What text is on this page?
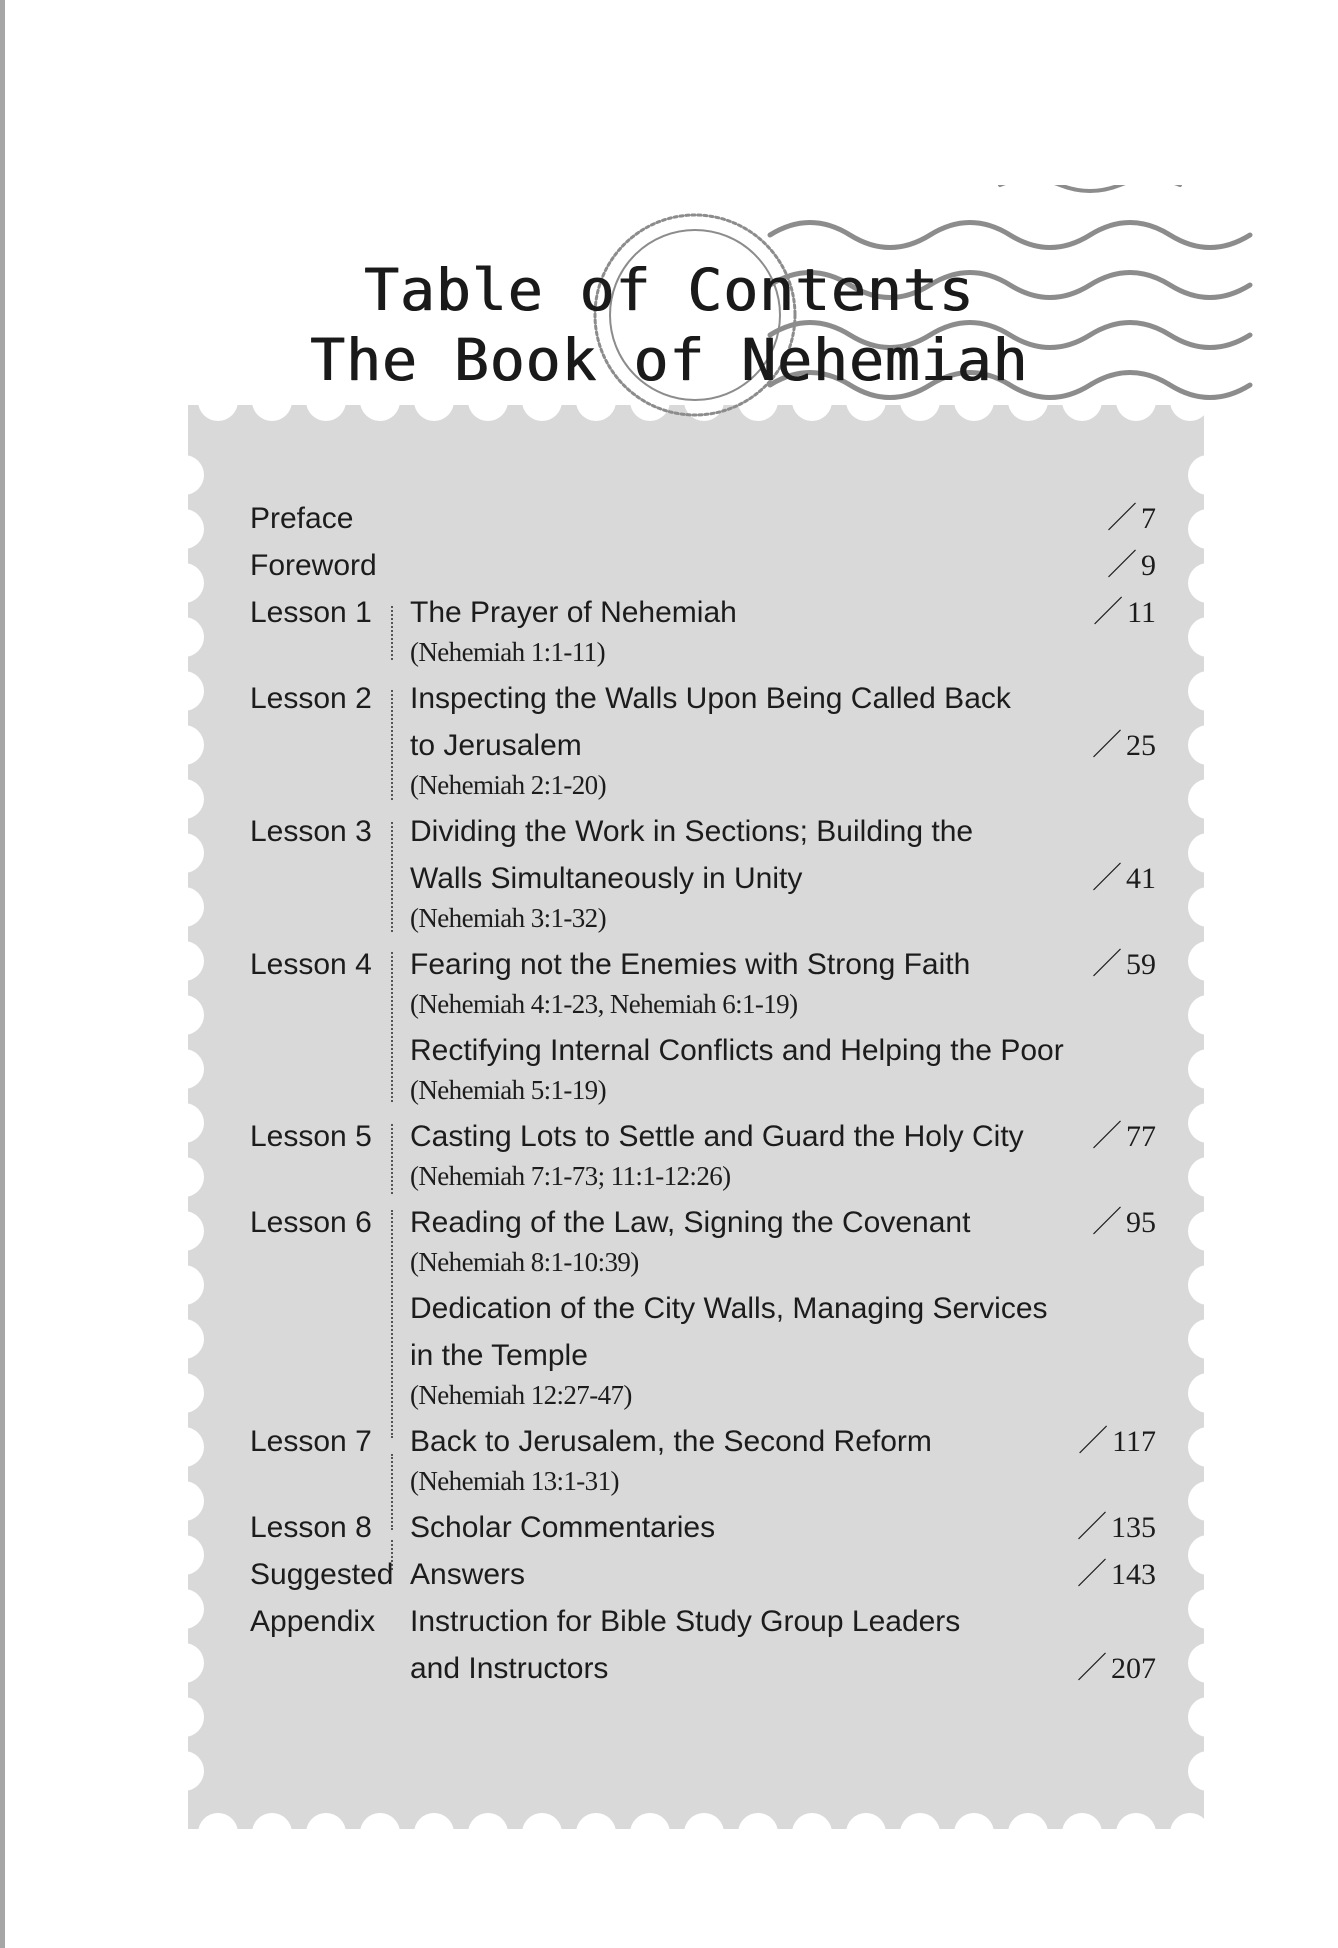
Table of Contents
The Book of Nehemiah
Preface	／ 7
Foreword	／ 9
Lesson 1 The Prayer of Nehemiah	／ 11
(Nehemiah 1:1-11)
Lesson 2 Inspecting the Walls Upon Being Called Back
to Jerusalem	／ 25
(Nehemiah 2:1-20)
Lesson 3 Dividing the Work in Sections; Building the
Walls Simultaneously in Unity	／ 41
(Nehemiah 3:1-32)
Lesson 4 Fearing not the Enemies with Strong Faith	／ 59
(Nehemiah 4:1-23, Nehemiah 6:1-19)
Rectifying Internal Conflicts and Helping the Poor
(Nehemiah 5:1-19)
Lesson 5 Casting Lots to Settle and Guard the Holy City ／ 77
(Nehemiah 7:1-73; 11:1-12:26)
Lesson 6 Reading of the Law, Signing the Covenant	／ 95
(Nehemiah 8:1-10:39)
Dedication of the City Walls, Managing Services
in the Temple
(Nehemiah 12:27-47)
Lesson 7 Back to Jerusalem, the Second Reform	／ 117
(Nehemiah 13:1-31)
Lesson 8 Scholar Commentaries	／ 135
Suggested Answers	／ 143
Appendix Instruction for Bible Study Group Leaders
and Instructors	／ 207
